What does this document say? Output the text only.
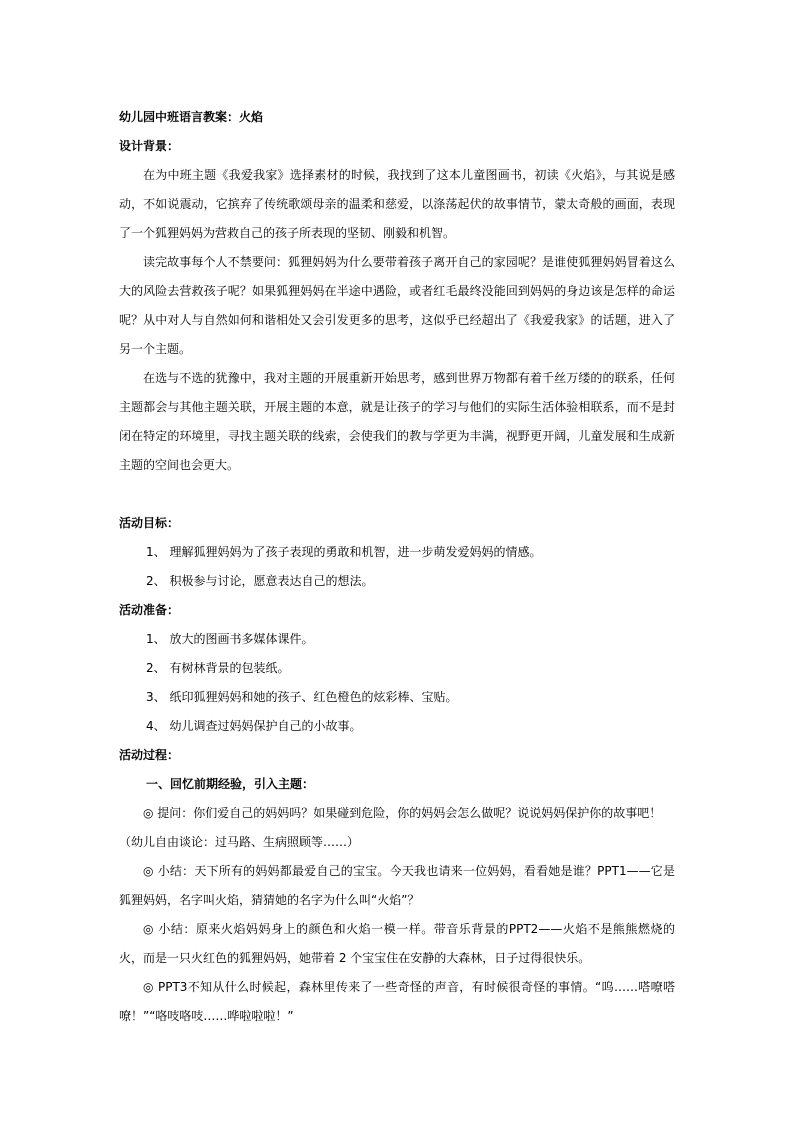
幼儿园中班语言教案：火焰
设计背景：

在为中班主题《我爱我家》选择素材的时候，我找到了这本儿童图画书，初读《火焰》，与其说是感动，不如说震动，它摈弃了传统歌颂母亲的温柔和慈爱，以涤荡起伏的故事情节，蒙太奇般的画面，表现了一个狐狸妈妈为营救自己的孩子所表现的坚韧、刚毅和机智。

读完故事每个人不禁要问：狐狸妈妈为什么要带着孩子离开自己的家园呢？是谁使狐狸妈妈冒着这么大的风险去营救孩子呢？如果狐狸妈妈在半途中遇险，或者红毛最终没能回到妈妈的身边该是怎样的命运呢？从中对人与自然如何和谐相处又会引发更多的思考，这似乎已经超出了《我爱我家》的话题，进入了另一个主题。

在选与不选的犹豫中，我对主题的开展重新开始思考，感到世界万物都有着千丝万缕的的联系，任何主题都会与其他主题关联，开展主题的本意，就是让孩子的学习与他们的实际生活体验相联系，而不是封闭在特定的环境里，寻找主题关联的线索，会使我们的教与学更为丰满，视野更开阔，儿童发展和生成新主题的空间也会更大。

活动目标：

1、 理解狐狸妈妈为了孩子表现的勇敢和机智，进一步萌发爱妈妈的情感。

2、 积极参与讨论，愿意表达自己的想法。

活动准备：

1、 放大的图画书多媒体课件。

2、 有树林背景的包装纸。

3、 纸印狐狸妈妈和她的孩子、红色橙色的炫彩棒、宝贴。

4、 幼儿调查过妈妈保护自己的小故事。

活动过程：
一、回忆前期经验，引入主题：

◎ 提问：你们爱自己的妈妈吗？如果碰到危险，你的妈妈会怎么做呢？说说妈妈保护你的故事吧！

（幼儿自由谈论：过马路、生病照顾等……）

◎ 小结：天下所有的妈妈都最爱自己的宝宝。今天我也请来一位妈妈，看看她是谁？PPT1——它是狐狸妈妈，名字叫火焰，猜猜她的名字为什么叫“火焰”？

◎ 小结：原来火焰妈妈身上的颜色和火焰一模一样。带音乐背景的PPT2——火焰不是熊熊燃烧的火，而是一只火红色的狐狸妈妈，她带着 2 个宝宝住在安静的大森林，日子过得很快乐。

◎ PPT3不知从什么时候起，森林里传来了一些奇怪的声音，有时候很奇怪的事情。“呜……嗒嘹嗒嘹！”“咯吱咯吱……哗啦啦啦！”
